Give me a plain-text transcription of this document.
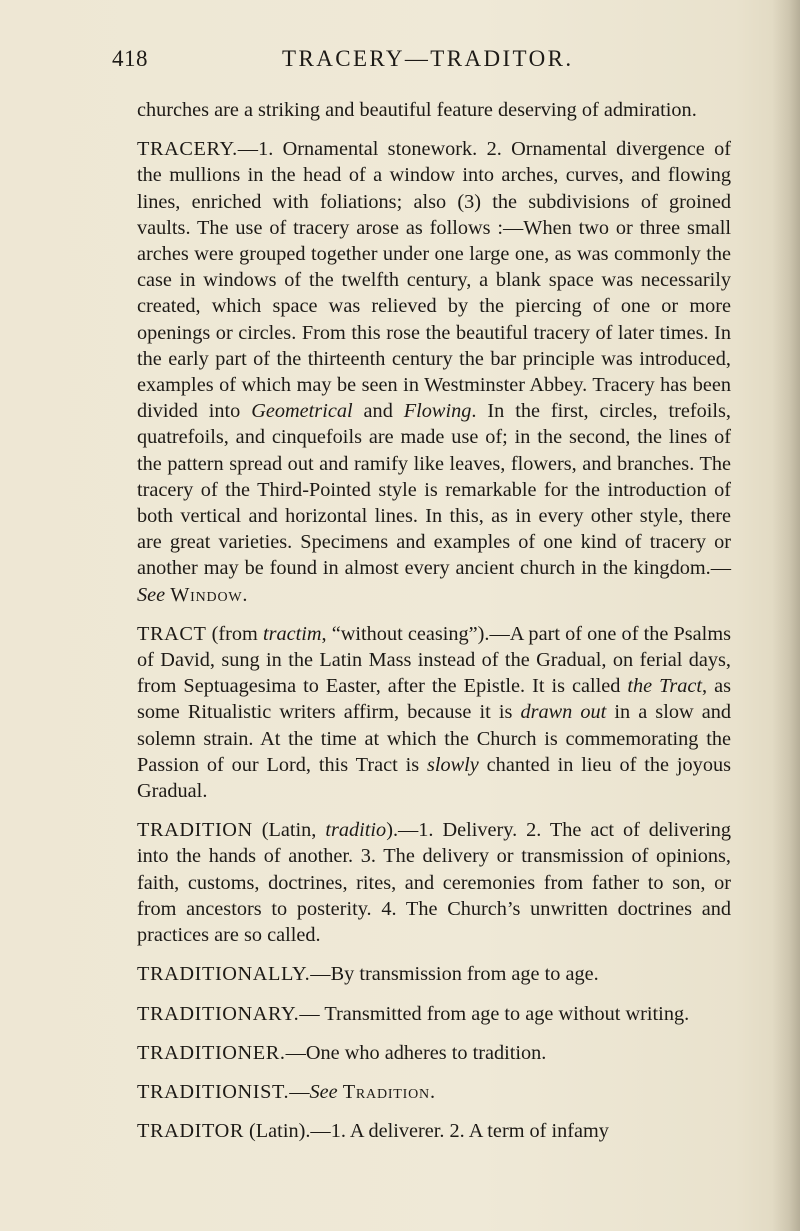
418	TRACERY—TRADITOR.

churches are a striking and beautiful feature deserving of admiration.

TRACERY.—1. Ornamental stonework. 2. Ornamental divergence of the mullions in the head of a window into arches, curves, and flowing lines, enriched with foliations; also (3) the subdivisions of groined vaults. The use of tracery arose as follows :—When two or three small arches were grouped together under one large one, as was commonly the case in windows of the twelfth century, a blank space was necessarily created, which space was relieved by the piercing of one or more openings or circles. From this rose the beautiful tracery of later times. In the early part of the thirteenth century the bar principle was introduced, examples of which may be seen in Westminster Abbey. Tracery has been divided into Geometrical and Flowing. In the first, circles, trefoils, quatrefoils, and cinquefoils are made use of; in the second, the lines of the pattern spread out and ramify like leaves, flowers, and branches. The tracery of the Third-Pointed style is remarkable for the introduction of both vertical and horizontal lines. In this, as in every other style, there are great varieties. Specimens and examples of one kind of tracery or another may be found in almost every ancient church in the kingdom.—See Window.

TRACT (from tractim, “without ceasing”).—A part of one of the Psalms of David, sung in the Latin Mass instead of the Gradual, on ferial days, from Septuagesima to Easter, after the Epistle. It is called the Tract, as some Ritualistic writers affirm, because it is drawn out in a slow and solemn strain. At the time at which the Church is commemorating the Passion of our Lord, this Tract is slowly chanted in lieu of the joyous Gradual.

TRADITION (Latin, traditio).—1. Delivery. 2. The act of delivering into the hands of another. 3. The delivery or transmission of opinions, faith, customs, doctrines, rites, and ceremonies from father to son, or from ancestors to posterity. 4. The Church’s unwritten doctrines and practices are so called.

TRADITIONALLY.—By transmission from age to age.

TRADITIONARY.— Transmitted from age to age without writing.

TRADITIONER.—One who adheres to tradition.

TRADITIONIST.—See Tradition.

TRADITOR (Latin).—1. A deliverer. 2. A term of infamy
